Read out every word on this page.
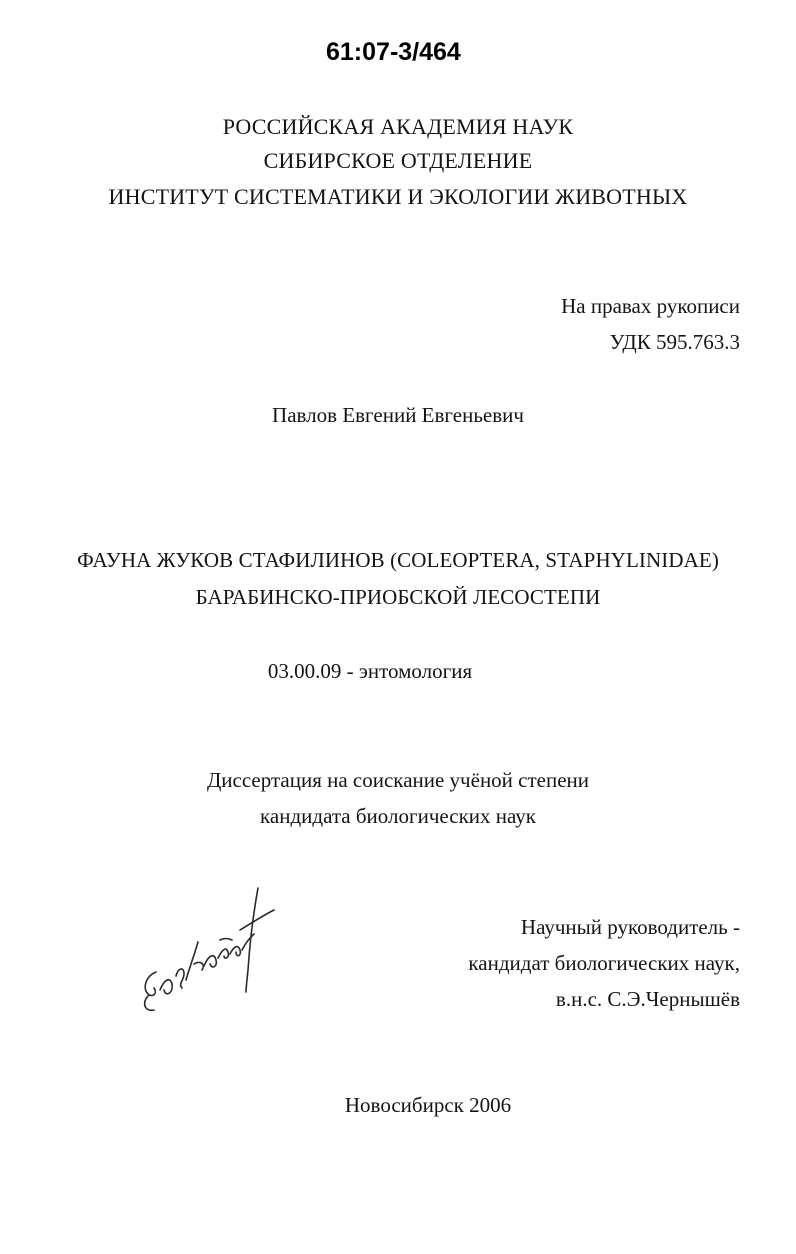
61:07-3/464
РОССИЙСКАЯ АКАДЕМИЯ НАУК
СИБИРСКОЕ ОТДЕЛЕНИЕ
ИНСТИТУТ СИСТЕМАТИКИ И ЭКОЛОГИИ ЖИВОТНЫХ
На правах рукописи
УДК 595.763.3
Павлов Евгений Евгеньевич
ФАУНА ЖУКОВ СТАФИЛИНОВ (COLEOPTERA, STAPHYLINIDAE)
БАРАБИНСКО-ПРИОБСКОЙ ЛЕСОСТЕПИ
03.00.09 - энтомология
Диссертация на соискание учёной степени
кандидата биологических наук
Научный руководитель -
кандидат биологических наук,
в.н.с. С.Э.Чернышёв
Новосибирск 2006
